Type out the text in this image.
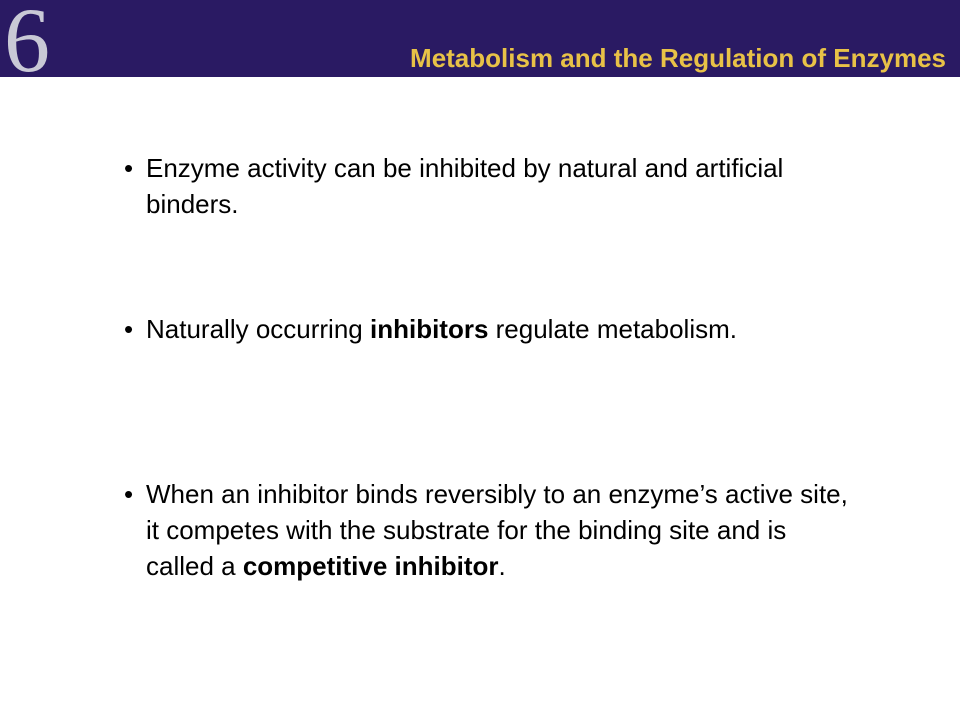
6	Metabolism and the Regulation of Enzymes
• Enzyme activity can be inhibited by natural and artificial binders.
• Naturally occurring inhibitors regulate metabolism.
• When an inhibitor binds reversibly to an enzyme’s active site, it competes with the substrate for the binding site and is called a competitive inhibitor.
